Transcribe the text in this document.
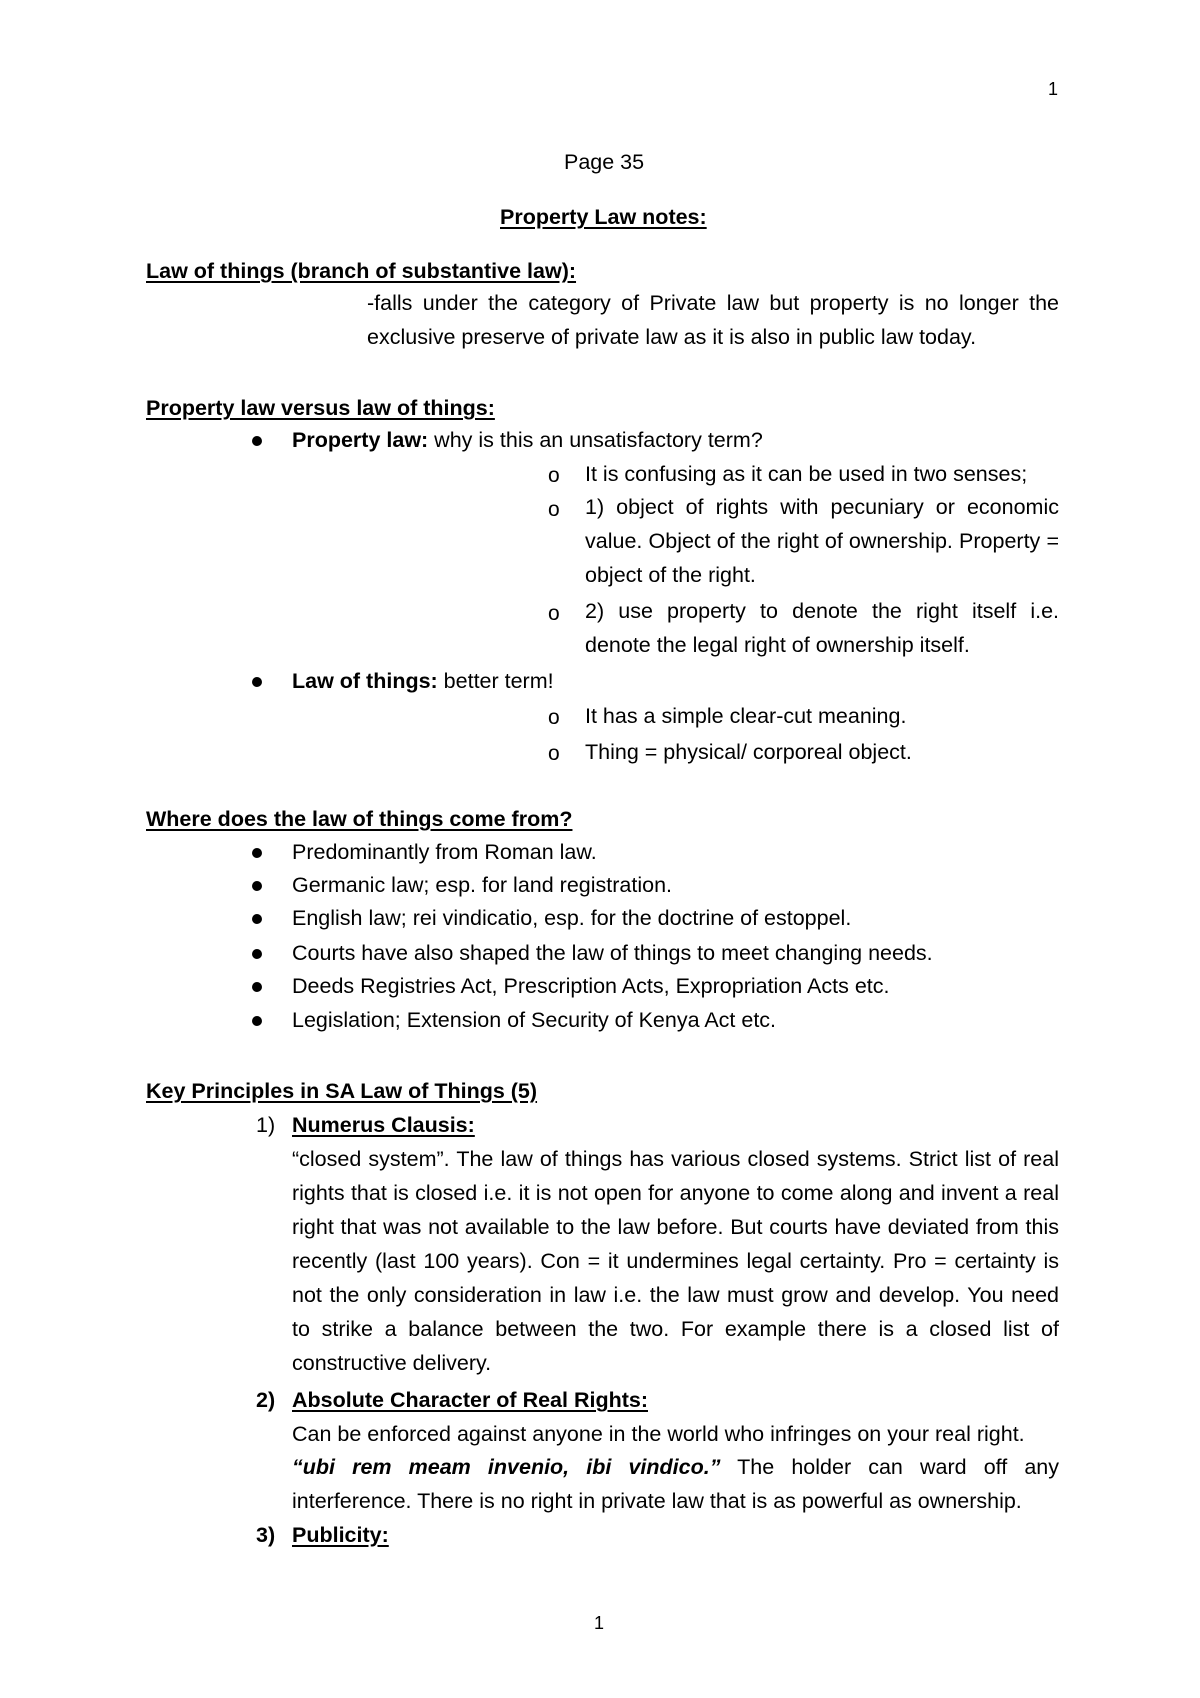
1
1
Page 35
Property Law notes:
Law of things (branch of substantive law):
-falls under the category of Private law but property is no longer the exclusive preserve of private law as it is also in public law today.
Property law versus law of things:
Property law: why is this an unsatisfactory term?
o It is confusing as it can be used in two senses;
o 1) object of rights with pecuniary or economic value. Object of the right of ownership. Property = object of the right.
o 2) use property to denote the right itself i.e. denote the legal right of ownership itself.
Law of things: better term!
o It has a simple clear-cut meaning.
o Thing = physical/ corporeal object.
Where does the law of things come from?
Predominantly from Roman law.
Germanic law; esp. for land registration.
English law; rei vindicatio, esp. for the doctrine of estoppel.
Courts have also shaped the law of things to meet changing needs.
Deeds Registries Act, Prescription Acts, Expropriation Acts etc.
Legislation; Extension of Security of Kenya Act etc.
Key Principles in SA Law of Things (5)
1) Numerus Clausis:
“closed system”. The law of things has various closed systems. Strict list of real rights that is closed i.e. it is not open for anyone to come along and invent a real right that was not available to the law before. But courts have deviated from this recently (last 100 years). Con = it undermines legal certainty. Pro = certainty is not the only consideration in law i.e. the law must grow and develop. You need to strike a balance between the two. For example there is a closed list of constructive delivery.
2) Absolute Character of Real Rights:
Can be enforced against anyone in the world who infringes on your real right.
“ubi rem meam invenio, ibi vindico.” The holder can ward off any interference. There is no right in private law that is as powerful as ownership.
3) Publicity:
